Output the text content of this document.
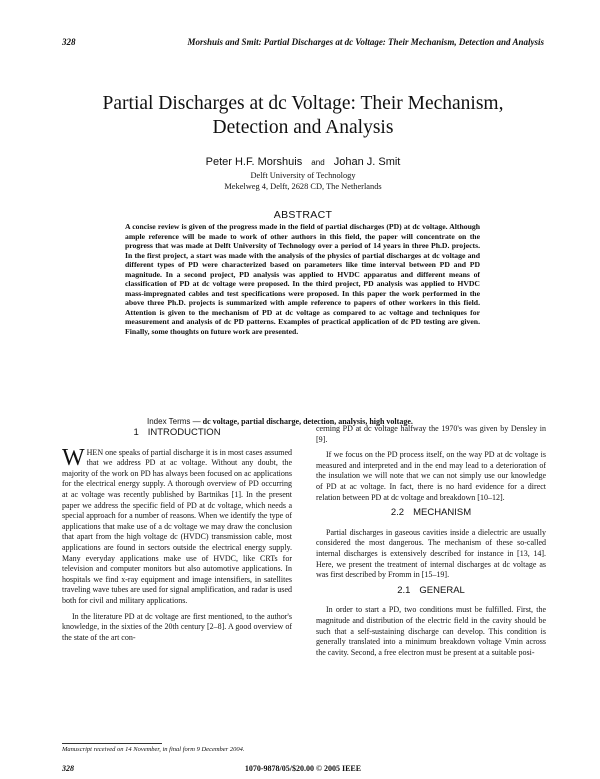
328	Morshuis and Smit: Partial Discharges at dc Voltage: Their Mechanism, Detection and Analysis
Partial Discharges at dc Voltage: Their Mechanism,
Detection and Analysis
Peter H.F. Morshuis and Johan J. Smit
Delft University of Technology
Mekelweg 4, Delft, 2628 CD, The Netherlands
ABSTRACT
A concise review is given of the progress made in the field of partial discharges (PD) at dc voltage. Although ample reference will be made to work of other authors in this field, the paper will concentrate on the progress that was made at Delft University of Technology over a period of 14 years in three Ph.D. projects. In the first project, a start was made with the analysis of the physics of partial discharges at dc voltage and different types of PD were characterized based on parameters like time interval between PD and PD magnitude. In a second project, PD analysis was applied to HVDC apparatus and different means of classification of PD at dc voltage were proposed. In the third project, PD analysis was applied to HVDC mass-impregnated cables and test specifications were proposed. In this paper the work performed in the above three Ph.D. projects is summarized with ample reference to papers of other workers in this field. Attention is given to the mechanism of PD at dc voltage as compared to ac voltage and techniques for measurement and analysis of dc PD patterns. Examples of practical application of dc PD testing are given. Finally, some thoughts on future work are presented.
Index Terms — dc voltage, partial discharge, detection, analysis, high voltage.
1 INTRODUCTION

WHEN one speaks of partial discharge it is in most cases assumed that we address PD at ac voltage. Without any doubt, the majority of the work on PD has always been focused on ac applications for the electrical energy supply. A thorough overview of PD occurring at ac voltage was recently published by Bartnikas [1]. In the present paper we address the specific field of PD at dc voltage, which needs a special approach for a number of reasons. When we identify the type of applications that make use of a dc voltage we may draw the conclusion that apart from the high voltage dc (HVDC) transmission cable, most applications are found in sectors outside the electrical energy supply. Many everyday applications make use of HVDC, like CRTs for television and computer monitors but also automotive applications. In hospitals we find x-ray equipment and image intensifiers, in satellites traveling wave tubes are used for signal amplification, and radar is used both for civil and military applications.

In the literature PD at dc voltage are first mentioned, to the author's knowledge, in the sixties of the 20th century [2–8]. A good overview of the state of the art con-

cerning PD at dc voltage halfway the 1970's was given by Densley in [9].

If we focus on the PD process itself, on the way PD at dc voltage is measured and interpreted and in the end may lead to a deterioration of the insulation we will note that we can not simply use our knowledge of PD at ac voltage. In fact, there is no hard evidence for a direct relation between PD at dc voltage and breakdown [10–12].

2.2 MECHANISM

Partial discharges in gaseous cavities inside a dielectric are usually considered the most dangerous. The mechanism of these so-called internal discharges is extensively described for instance in [13, 14]. Here, we present the treatment of internal discharges at dc voltage as was first described by Fromm in [15–19].

2.1 GENERAL

In order to start a PD, two conditions must be fulfilled. First, the magnitude and distribution of the electric field in the cavity should be such that a self-sustaining discharge can develop. This condition is generally translated into a minimum breakdown voltage Vmin across the cavity. Second, a free electron must be present at a suitable posi-

Manuscript received on 14 November, in final form 9 December 2004.
328	1070-9878/05/$20.00 © 2005 IEEE
